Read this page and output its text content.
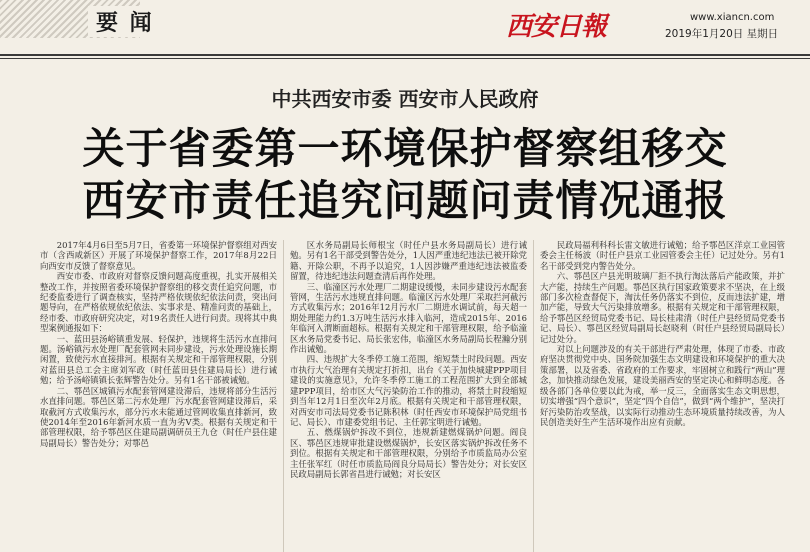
要 闻	西安日報	www.xiancn.com
2019年1月20日 星期日
中共西安市委 西安市人民政府
关于省委第一环境保护督察组移交
西安市责任追究问题问责情况通报

2017年4月6日至5月7日，省委第一环境保护督察组对西安市（含西咸新区）开展了环境保护督察工作，2017年8月22日向西安市反馈了督察意见。

西安市委、市政府对督察反馈问题高度重视，扎实开展相关整改工作，并按照省委环境保护督察组的移交责任追究问题，市纪委监委进行了调查核实，坚持严格依规依纪依法问责，突出问题导向，在严格依规依纪依法、实事求是、精准问责的基础上，经市委、市政府研究决定，对19名责任人进行问责。现将其中典型案例通报如下：

一、蓝田县汤峪镇重发展、轻保护，违规将生活污水直排问题。汤峪镇污水处理厂配套管网未同步建设，污水处理设施长期闲置，致使污水直接排河。根据有关规定和干部管理权限，分别对蓝田县总工会主席刘军政（时任蓝田县住建局局长）进行诫勉；给予汤峪镇镇长张辉警告处分。另有1名干部被诫勉。

二、鄠邑区城镇污水配套管网建设滞后，违规将部分生活污水直排问题。鄠邑区第二污水处理厂污水配套管网建设滞后，采取截河方式收集污水，部分污水未能通过管网收集直排新河，致使2014年至2016年新河水质一直为劣V类。根据有关规定和干部管理权限，给予鄠邑区住建局副调研员王九仓（时任户县住建局副局长）警告处分；对鄠邑

区水务局副局长师根宝（时任户县水务局副局长）进行诫勉。另有1名干部受到警告处分，1人因严重违纪违法已被开除党籍、开除公职，不再予以追究，1人因涉嫌严重违纪违法被监委留置，待违纪违法问题查清后再作处理。

三、临潼区污水处理厂二期建设缓慢，未同步建设污水配套管网，生活污水违规直排问题。临潼区污水处理厂采取拦河截污方式收集污水；2016年12月污水厂二期进水调试前，每天超一期处理能力约1.3万吨生活污水排入临河，造成2015年、2016年临河入渭断面超标。根据有关规定和干部管理权限，给予临潼区水务局党委书记、局长张宏伟，临潼区水务局副局长程瀚分别作出诫勉。

四、违规扩大冬季停工施工范围，缩短禁土时段问题。西安市执行大气治理有关规定打折扣，出台《关于加快城建PPP项目建设的实施意见》，允许冬季停工施工的工程范围扩大到全部城建PPP项目，给市区大气污染防治工作的推动，将禁土时段缩短到当年12月1日至次年2月底。根据有关规定和干部管理权限，对西安市司法局党委书记陈积林（时任西安市环境保护局党组书记、局长）、市建委党组书记、主任郭宝明进行诫勉。

五、燃煤锅炉拆改不到位，违规新建燃煤锅炉问题。阎良区、鄠邑区违规审批建设燃煤锅炉，长安区落实锅炉拆改任务不到位。根据有关规定和干部管理权限，分别给予市质监局办公室主任张军红（时任市质监局阎良分局局长）警告处分；对长安区民政局副局长郭省昌进行诫勉；对长安区

民政局福利科科长雷文敏进行诫勉；给予鄠邑区洋京工业园管委会主任杨波（时任户县京工业园管委会主任）记过处分。另有1名干部受到党内警告处分。

六、鄠邑区户县光明玻璃厂拒不执行淘汰落后产能政策，并扩大产能，持续生产问题。鄠邑区执行国家政策要求不坚决，在上级部门多次检查督促下，淘汰任务仍落实不到位，反而违法扩建，增加产能，导致大气污染排放增多。根据有关规定和干部管理权限，给予鄠邑区经贸局党委书记、局长桂肃清（时任户县经贸局党委书记、局长）、鄠邑区经贸局副局长赵晓利（时任户县经贸局副局长）记过处分。

对以上问题涉及的有关干部进行严肃处理，体现了市委、市政府坚决贯彻党中央、国务院加强生态文明建设和环境保护的重大决策部署，以及省委、省政府的工作要求，牢固树立和践行“两山”理念，加快推动绿色发展，建设美丽西安的坚定决心和鲜明态度。各级各部门各单位要以此为戒，举一反三，全面落实生态文明思想，切实增强“四个意识”，坚定“四个自信”，做到“两个维护”，坚决打好污染防治攻坚战，以实际行动推动生态环境质量持续改善，为人民创造美好生产生活环境作出应有贡献。
